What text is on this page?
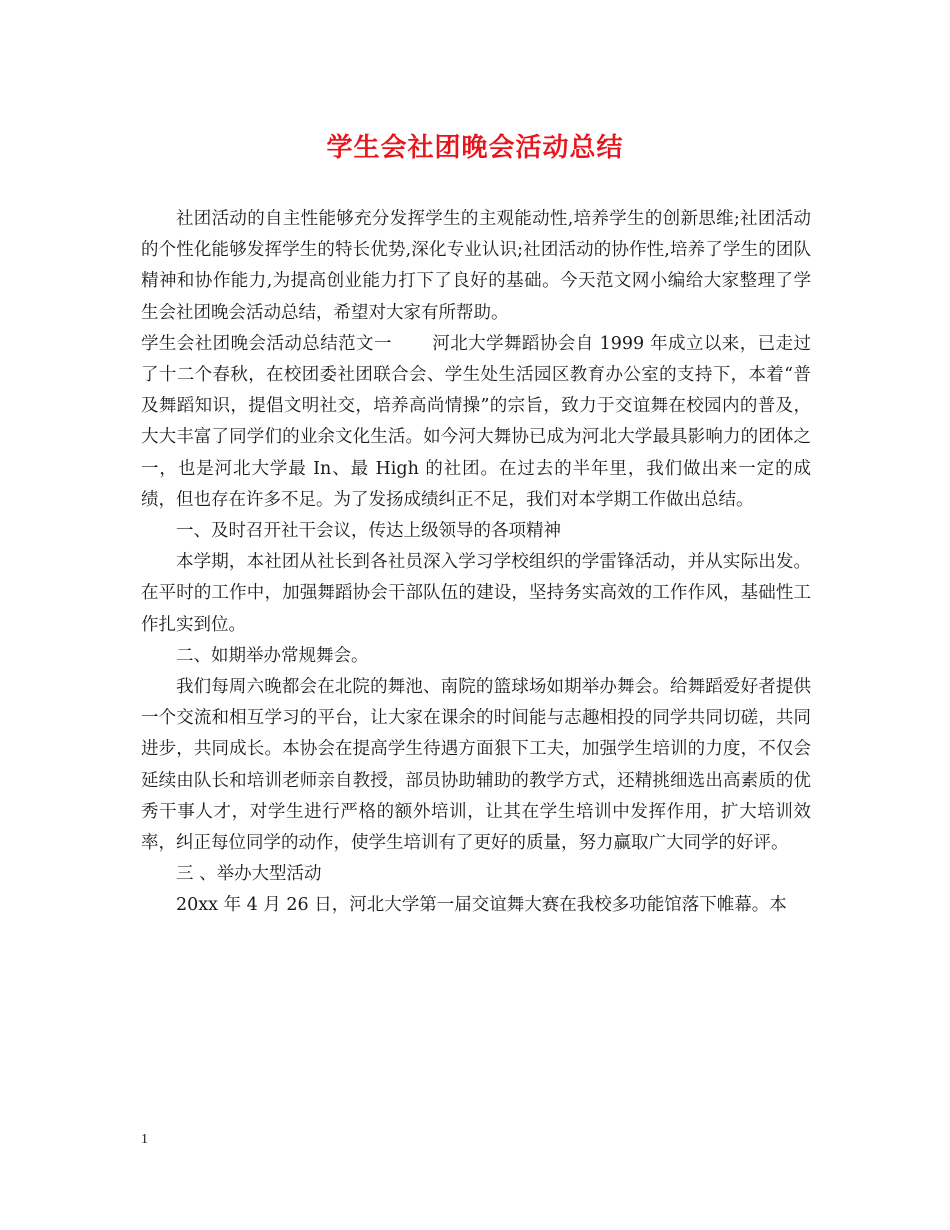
学生会社团晚会活动总结

社团活动的自主性能够充分发挥学生的主观能动性,培养学生的创新思维;社团活动的个性化能够发挥学生的特长优势,深化专业认识;社团活动的协作性,培养了学生的团队精神和协作能力,为提高创业能力打下了良好的基础。今天范文网小编给大家整理了学生会社团晚会活动总结，希望对大家有所帮助。

学生会社团晚会活动总结范文一 河北大学舞蹈协会自 1999 年成立以来，已走过了十二个春秋，在校团委社团联合会、学生处生活园区教育办公室的支持下，本着“普及舞蹈知识，提倡文明社交，培养高尚情操”的宗旨，致力于交谊舞在校园内的普及，大大丰富了同学们的业余文化生活。如今河大舞协已成为河北大学最具影响力的团体之一，也是河北大学最 In、最 High 的社团。在过去的半年里，我们做出来一定的成绩，但也存在许多不足。为了发扬成绩纠正不足，我们对本学期工作做出总结。

一、及时召开社干会议，传达上级领导的各项精神

本学期，本社团从社长到各社员深入学习学校组织的学雷锋活动，并从实际出发。在平时的工作中，加强舞蹈协会干部队伍的建设，坚持务实高效的工作作风，基础性工作扎实到位。

二、如期举办常规舞会。

我们每周六晚都会在北院的舞池、南院的篮球场如期举办舞会。给舞蹈爱好者提供一个交流和相互学习的平台，让大家在课余的时间能与志趣相投的同学共同切磋，共同进步，共同成长。本协会在提高学生待遇方面狠下工夫，加强学生培训的力度，不仅会延续由队长和培训老师亲自教授，部员协助辅助的教学方式，还精挑细选出高素质的优秀干事人才，对学生进行严格的额外培训，让其在学生培训中发挥作用，扩大培训效率，纠正每位同学的动作，使学生培训有了更好的质量，努力赢取广大同学的好评。

三 、举办大型活动

20xx 年 4 月 26 日，河北大学第一届交谊舞大赛在我校多功能馆落下帷幕。本

1
